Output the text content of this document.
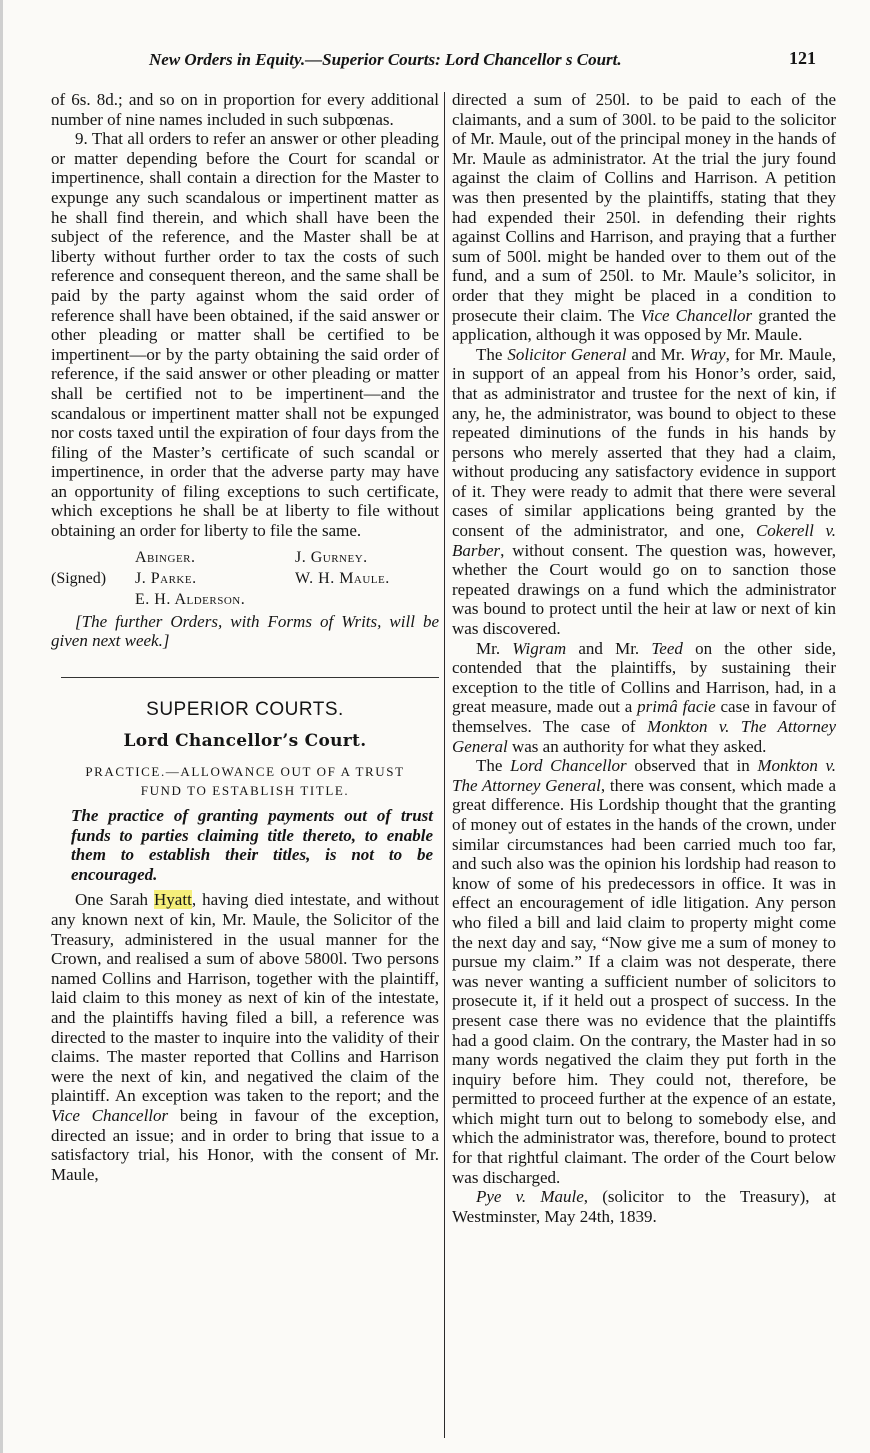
New Orders in Equity.—Superior Courts: Lord Chancellor s Court.	121

of 6s. 8d.; and so on in proportion for every additional number of nine names included in such subpœnas.

9. That all orders to refer an answer or other pleading or matter depending before the Court for scandal or impertinence, shall contain a direction for the Master to expunge any such scandalous or impertinent matter as he shall find therein, and which shall have been the subject of the reference, and the Master shall be at liberty without further order to tax the costs of such reference and consequent thereon, and the same shall be paid by the party against whom the said order of reference shall have been obtained, if the said answer or other pleading or matter shall be certified to be impertinent—or by the party obtaining the said order of reference, if the said answer or other pleading or matter shall be certified not to be impertinent—and the scandalous or impertinent matter shall not be expunged nor costs taxed until the expiration of four days from the filing of the Master’s certificate of such scandal or impertinence, in order that the adverse party may have an opportunity of filing exceptions to such certificate, which exceptions he shall be at liberty to file without obtaining an order for liberty to file the same.

Abinger.	J. Gurney.
(Signed)	J. Parke.	W. H. Maule.
E. H. Alderson.

[The further Orders, with Forms of Writs, will be given next week.]

SUPERIOR COURTS.
Lord Chancellor’s Court.
PRACTICE.—ALLOWANCE OUT OF A TRUST
FUND TO ESTABLISH TITLE.

The practice of granting payments out of trust funds to parties claiming title thereto, to enable them to establish their titles, is not to be encouraged.

One Sarah Hyatt, having died intestate, and without any known next of kin, Mr. Maule, the Solicitor of the Treasury, administered in the usual manner for the Crown, and realised a sum of above 5800l. Two persons named Collins and Harrison, together with the plaintiff, laid claim to this money as next of kin of the intestate, and the plaintiffs having filed a bill, a reference was directed to the master to inquire into the validity of their claims. The master reported that Collins and Harrison were the next of kin, and negatived the claim of the plaintiff. An exception was taken to the report; and the Vice Chancellor being in favour of the exception, directed an issue; and in order to bring that issue to a satisfactory trial, his Honor, with the consent of Mr. Maule,

directed a sum of 250l. to be paid to each of the claimants, and a sum of 300l. to be paid to the solicitor of Mr. Maule, out of the principal money in the hands of Mr. Maule as administrator. At the trial the jury found against the claim of Collins and Harrison. A petition was then presented by the plaintiffs, stating that they had expended their 250l. in defending their rights against Collins and Harrison, and praying that a further sum of 500l. might be handed over to them out of the fund, and a sum of 250l. to Mr. Maule’s solicitor, in order that they might be placed in a condition to prosecute their claim. The Vice Chancellor granted the application, although it was opposed by Mr. Maule.

The Solicitor General and Mr. Wray, for Mr. Maule, in support of an appeal from his Honor’s order, said, that as administrator and trustee for the next of kin, if any, he, the administrator, was bound to object to these repeated diminutions of the funds in his hands by persons who merely asserted that they had a claim, without producing any satisfactory evidence in support of it. They were ready to admit that there were several cases of similar applications being granted by the consent of the administrator, and one, Cokerell v. Barber, without consent. The question was, however, whether the Court would go on to sanction those repeated drawings on a fund which the administrator was bound to protect until the heir at law or next of kin was discovered.

Mr. Wigram and Mr. Teed on the other side, contended that the plaintiffs, by sustaining their exception to the title of Collins and Harrison, had, in a great measure, made out a primâ facie case in favour of themselves. The case of Monkton v. The Attorney General was an authority for what they asked.

The Lord Chancellor observed that in Monkton v. The Attorney General, there was consent, which made a great difference. His Lordship thought that the granting of money out of estates in the hands of the crown, under similar circumstances had been carried much too far, and such also was the opinion his lordship had reason to know of some of his predecessors in office. It was in effect an encouragement of idle litigation. Any person who filed a bill and laid claim to property might come the next day and say, “Now give me a sum of money to pursue my claim.” If a claim was not desperate, there was never wanting a sufficient number of solicitors to prosecute it, if it held out a prospect of success. In the present case there was no evidence that the plaintiffs had a good claim. On the contrary, the Master had in so many words negatived the claim they put forth in the inquiry before him. They could not, therefore, be permitted to proceed further at the expence of an estate, which might turn out to belong to somebody else, and which the administrator was, therefore, bound to protect for that rightful claimant. The order of the Court below was discharged.

Pye v. Maule, (solicitor to the Treasury), at Westminster, May 24th, 1839.
